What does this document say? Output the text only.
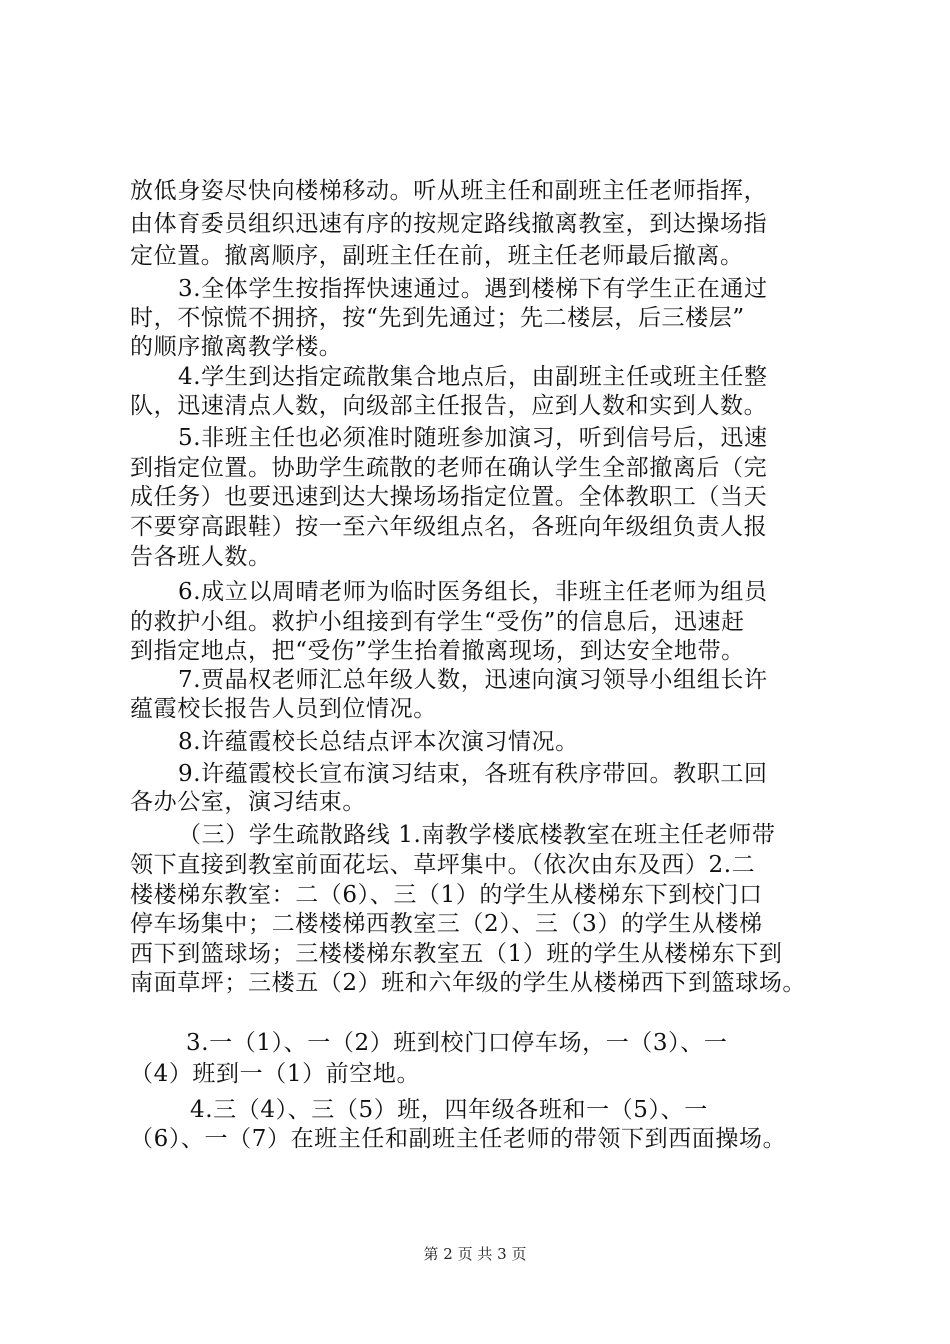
放低身姿尽快向楼梯移动。听从班主任和副班主任老师指挥，
由体育委员组织迅速有序的按规定路线撤离教室，到达操场指
定位置。撤离顺序，副班主任在前，班主任老师最后撤离。
3.全体学生按指挥快速通过。遇到楼梯下有学生正在通过
时，不惊慌不拥挤，按“先到先通过；先二楼层，后三楼层”
的顺序撤离教学楼。
4.学生到达指定疏散集合地点后，由副班主任或班主任整
队，迅速清点人数，向级部主任报告，应到人数和实到人数。
5.非班主任也必须准时随班参加演习，听到信号后，迅速
到指定位置。协助学生疏散的老师在确认学生全部撤离后（完
成任务）也要迅速到达大操场场指定位置。全体教职工（当天
不要穿高跟鞋）按一至六年级组点名，各班向年级组负责人报
告各班人数。
6.成立以周晴老师为临时医务组长，非班主任老师为组员
的救护小组。救护小组接到有学生“受伤”的信息后，迅速赶
到指定地点，把“受伤”学生抬着撤离现场，到达安全地带。
7.贾晶权老师汇总年级人数，迅速向演习领导小组组长许
蕴霞校长报告人员到位情况。
8.许蕴霞校长总结点评本次演习情况。
9.许蕴霞校长宣布演习结束，各班有秩序带回。教职工回
各办公室，演习结束。
（三）学生疏散路线 1.南教学楼底楼教室在班主任老师带
领下直接到教室前面花坛、草坪集中。（依次由东及西）2.二
楼楼梯东教室：二（6）、三（1）的学生从楼梯东下到校门口
停车场集中；二楼楼梯西教室三（2）、三（3）的学生从楼梯
西下到篮球场；三楼楼梯东教室五（1）班的学生从楼梯东下到
南面草坪；三楼五（2）班和六年级的学生从楼梯西下到篮球场。
3.一（1）、一（2）班到校门口停车场，一（3）、一
（4）班到一（1）前空地。
4.三（4）、三（5）班，四年级各班和一（5）、一
（6）、一（7）在班主任和副班主任老师的带领下到西面操场。
第 2 页 共 3 页
